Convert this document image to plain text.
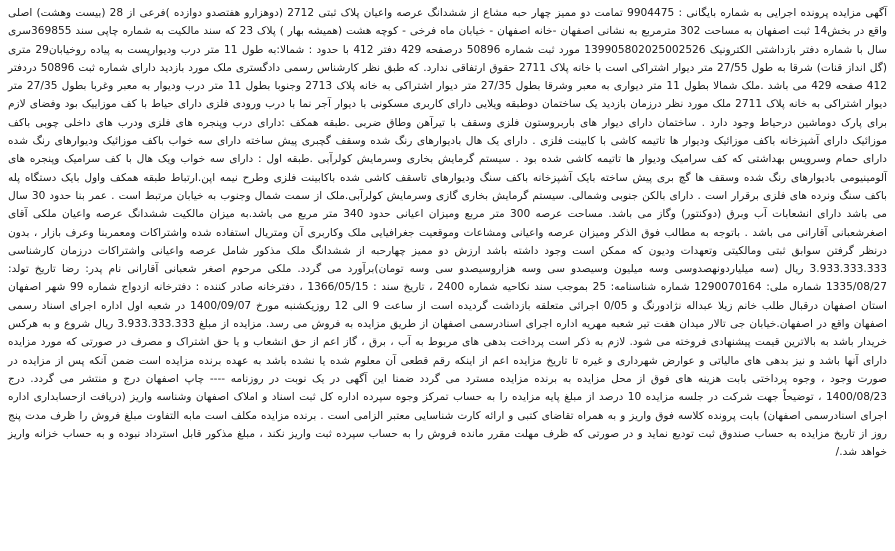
آگهی مزایده پرونده اجرایی به شماره بایگانی : 9904475 تمامت دو ممیز چهار حبه مشاع از ششدانگ عرصه واعیان پلاک ثبتی 2712 (دوهزارو هفتصدو دوازده )فرعی از 28 (بیست وهشت) اصلی واقع در بخش14 ثبت اصفهان به مساحت 302 مترمربع به نشانی اصفهان -خانه اصفهان - خیابان ماه فرخی - کوچه هشت (همیشه بهار ) پلاک 23 که سند مالکیت به شماره چاپی سند 369855سری سال با شماره دفتر بازداشتی الکترونیک 139905802025002526 مورد ثبت شماره 50896 درصفحه 429 دفتر 412 با حدود : شمالا:به طول 11 متر درب وديوارپست به پیاده روخیابان29 متری (گل انداز قنات) شرقا به طول 27/55 متر دیوار اشتراکی است با خانه پلاک 2711 حقوق ارتفاقی ندارد. که طبق نظر کارشناس رسمی دادگستری ملک مورد بازدید دارای شماره ثبت 50896 دردفتر 412 صفحه 429 می باشد .ملک شمالا بطول 11 متر دیواری به معبر وشرقا بطول 27/35 متر دیوار اشتراکی به خانه پلاک 2713 وجنوبا بطول 11 متر درب ودیوار به معبر وغربا بطول 27/35 متر دیوار اشتراکی به خانه پلاک 2711 ملک مورد نظر درزمان بازدید یک ساختمان دوطبقه ویلایی دارای کاربری مسکونی با دیوار آجر نما با درب ورودی فلزی دارای حیاط با کف موزاییک بود وفضای لازم برای پارک دوماشین درحیاط وجود دارد . ساختمان دارای دیوار های باربروستون فلزی وسقف با تیرآهن وطاق ضربی .طبقه همکف :دارای درب وپنجره های فلزی ودرب های داخلی چوبی باکف موزائیک دارای آشپزخانه باکف موزائیک وديوار ها تاتیمه کاشی با کابینت فلزی . دارای یک هال بادیوارهای رنگ شده وسقف گچبری پیش ساخته دارای سه خواب باکف موزائیک وديوارهای رنگ شده دارای حمام وسرویس بهداشتی که کف سرامیک وديوار ها تاتیمه کاشی شده بود . سیستم گرمایش بخاری وسرمایش کولرآبی .طبقه اول : دارای سه خواب ویک هال با کف سرامیک وپنجره های آلومینیومی باديوارهای رنگ شده وسقف ها گچ بری پیش ساخته بایک آشپزخانه باکف سنگ ودیوارهای تاسقف کاشی شده باکابینت فلزی وطرح نیمه اپن.ارتباط طبقه همکف واول بایک دستگاه پله باکف سنگ ونرده های فلزی برقرار است . دارای بالکن جنوبی وشمالی. سیستم گرمایش بخاری گازی وسرمایش کولرآبی.ملک از سمت شمال وجنوب به خیابان مرتبط است . عمر بنا حدود 30 سال می باشد دارای انشعابات آب وبرق (دوکنتور) وگاز می باشد. مساحت عرصه 300 متر مربع ومیزان اعیانی حدود 340 متر مربع می باشد.به میزان مالکیت ششدانگ عرصه واعیان ملکی آقای اصغرشعبانی آقارانی می باشد . باتوجه به مطالب فوق الذکر ومیزان عرصه واعیانی ومشاعات وموقعیت جغرافیایی ملک وکاربری آن ومتریال استفاده شده واشتراکات ومعمربنا وعرف بازار ، بدون درنظر گرفتن سوابق ثبتی ومالکیتی وتعهدات ودیون که ممکن است وجود داشته باشد ارزش دو ممیز چهارحبه از ششدانگ ملک مذکور شامل عرصه واعیانی واشتراکات درزمان کارشناسی 3.933.333.333 ریال (سه میلیاردونهصدوسی وسه میلیون وسیصدو سی وسه هزاروسیصدو سی وسه تومان)برآورد می گردد. ملکی مرحوم اصغر شعبانی آقارانی نام پدر: رضا تاریخ تولد: 1335/08/27 شماره ملی: 1290070164 شماره شناسنامه: 25 بموجب سند نکاحیه شماره 2400 ، تاریخ سند : 1366/05/15 ، دفترخانه صادر کننده : دفترخانه ازدواج شماره 99 شهر اصفهان استان اصفهان درقبال طلب خانم زیلا عبداله نژادورنگ و 0/05 اجرائی متعلقه بازداشت گردیده است از ساعت 9 الی 12 روزیکشنبه مورخ 1400/09/07 در شعبه اول اداره اجرای اسناد رسمی اصفهان واقع در اصفهان.خیابان جی تالار میدان هفت تیر شعبه مهریه اداره اجرای اسنادرسمی اصفهان از طریق مزایده به فروش می رسد. مزایده از مبلغ 3.933.333.333 ریال شروع و به هرکس خریدار باشد به بالاترین قیمت پیشنهادی فروخته می شود. لازم به ذکر است پرداخت بدهی های مربوط به آب ، برق ، گاز اعم از حق انشعاب و یا حق اشتراک و مصرف در صورتی که مورد مزایده دارای آنها باشد و نیز بدهی های مالیاتی و عوارض شهرداری و غیره تا تاریخ مزایده اعم از اینکه رقم قطعی آن معلوم شده یا نشده باشد به عهده برنده مزایده است ضمن آنکه پس از مزایده در صورت وجود ، وجوه پرداختی بابت هزینه های فوق از محل مزایده به برنده مزایده مسترد می گردد ضمنا این آگهی در یک نوبت در روزنامه ---- چاپ اصفهان درج و منتشر می گردد. درج 1400/08/23 ، توضیحاً جهت شرکت در جلسه مزایده 10 درصد از مبلغ پایه مزایده را به حساب تمرکز وجوه سپرده اداره کل ثبت اسناد و املاک اصفهان وشناسه واریز (دریافت ازحسابداری اداره اجرای اسنادرسمی اصفهان) بابت پرونده کلاسه فوق واریز و به همراه تقاضای کتبی و ارائه کارت شناسایی معتبر الزامی است . برنده مزایده مکلف است مابه التفاوت مبلغ فروش را ظرف مدت پنج روز از تاریخ مزایده به حساب صندوق ثبت تودیع نماید و در صورتی که ظرف مهلت مقرر مانده فروش را به حساب سپرده ثبت واریز نکند ، مبلغ مذکور قابل استرداد نبوده و به حساب خزانه واریز خواهد شد./
